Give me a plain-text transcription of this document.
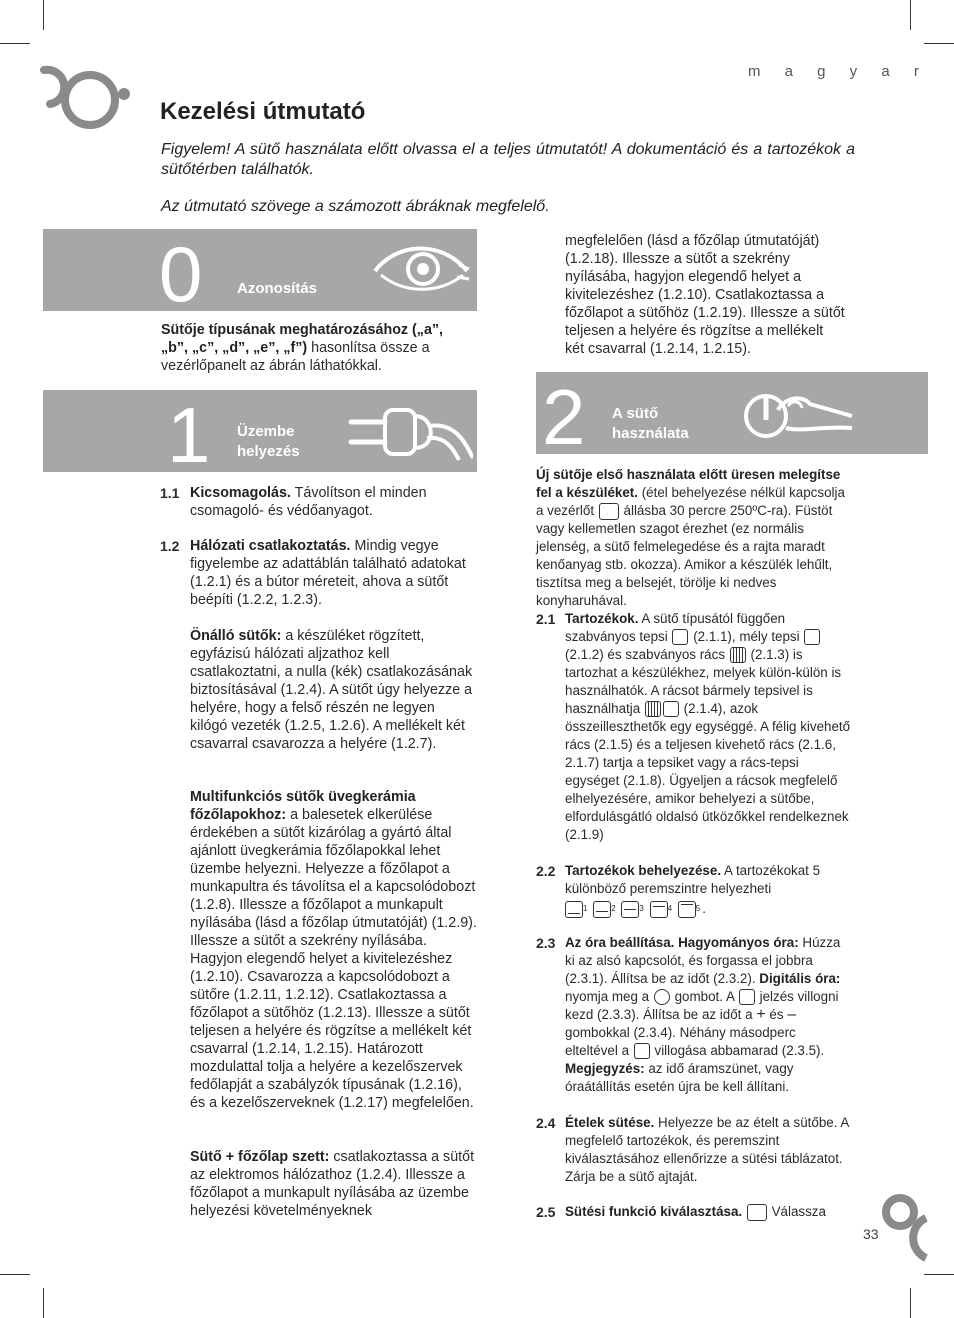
m a g y a r
Kezelési útmutató
Figyelem! A sütő használata előtt olvassa el a teljes útmutatót! A dokumentáció és a tartozékok a sütőtérben találhatók.
Az útmutató szövege a számozott ábráknak megfelelő.
0 Azonosítás
Sütője típusának meghatározásához („a”, „b”, „c”, „d”, „e”, „f”) hasonlítsa össze a vezérlőpanelt az ábrán láthatókkal.
1 Üzembe
helyezés
1.1 Kicsomagolás. Távolítson el minden csomagoló- és védőanyagot.
1.2 Hálózati csatlakoztatás. Mindig vegye figyelembe az adattáblán található adatokat (1.2.1) és a bútor méreteit, ahova a sütőt beépíti (1.2.2, 1.2.3).
Önálló sütők: a készüléket rögzített, egyfázisú hálózati aljzathoz kell csatlakoztatni, a nulla (kék) csatlakozásának biztosításával (1.2.4). A sütőt úgy helyezze a helyére, hogy a felső részén ne legyen kilógó vezeték (1.2.5, 1.2.6). A mellékelt két csavarral csavarozza a helyére (1.2.7).
Multifunkciós sütők üvegkerámia főzőlapokhoz: a balesetek elkerülése érdekében a sütőt kizárólag a gyártó által ajánlott üvegkerámia főzőlapokkal lehet üzembe helyezni. Helyezze a főzőlapot a munkapultra és távolítsa el a kapcsolódobozt (1.2.8). Illessze a főzőlapot a munkapult nyílásába (lásd a főzőlap útmutatóját) (1.2.9). Illessze a sütőt a szekrény nyílásába. Hagyjon elegendő helyet a kivitelezéshez (1.2.10). Csavarozza a kapcsolódobozt a sütőre (1.2.11, 1.2.12). Csatlakoztassa a főzőlapot a sütőhöz (1.2.13). Illessze a sütőt teljesen a helyére és rögzítse a mellékelt két csavarral (1.2.14, 1.2.15). Határozott mozdulattal tolja a helyére a kezelőszervek fedőlapját a szabályzók típusának (1.2.16), és a kezelőszerveknek (1.2.17) megfelelően.
Sütő + főzőlap szett: csatlakoztassa a sütőt az elektromos hálózathoz (1.2.4). Illessze a főzőlapot a munkapult nyílásába az üzembe helyezési követelményeknek
megfelelően (lásd a főzőlap útmutatóját) (1.2.18). Illessze a sütőt a szekrény nyílásába, hagyjon elegendő helyet a kivitelezéshez (1.2.10). Csatlakoztassa a főzőlapot a sütőhöz (1.2.19). Illessze a sütőt teljesen a helyére és rögzítse a mellékelt két csavarral (1.2.14, 1.2.15).
2 A sütő
használata
Új sütője első használata előtt üresen melegítse fel a készüléket. (étel behelyezése nélkül kapcsolja a vezérlőt állásba 30 percre 250ºC-ra). Füstöt vagy kellemetlen szagot érezhet (ez normális jelenség, a sütő felmelegedése és a rajta maradt kenőanyag stb. okozza). Amikor a készülék lehűlt, tisztítsa meg a belsejét, törölje ki nedves konyharuhával.
2.1 Tartozékok. A sütő típusától függően szabványos tepsi (2.1.1), mély tepsi  (2.1.2) és szabványos rács (2.1.3) is tartozhat a készülékhez, melyek külön-külön is használhatók. A rácsot bármely tepsivel is használhatja	(2.1.4), azok összeilleszthetők egy egységgé. A félig kivehető rács (2.1.5) és a teljesen kivehető rács (2.1.6, 2.1.7) tartja a tepsiket vagy a rács-tepsi egységet (2.1.8). Ügyeljen a rácsok megfelelő elhelyezésére, amikor behelyezi a sütőbe, elfordulásgátló oldalsó ütközőkkel rendelkeznek (2.1.9)
2.2 Tartozékok behelyezése. A tartozékokat 5 különböző peremszintre helyezheti
1	2	3	4	5 .
2.3 Az óra beállítása. Hagyományos óra: Húzza ki az alsó kapcsolót, és forgassa el jobbra (2.3.1). Állítsa be az időt (2.3.2). Digitális óra: nyomja meg a gombot. A jelzés villogni kezd (2.3.3). Állítsa be az időt a + és – gombokkal (2.3.4). Néhány másodperc elteltével a villogása abbamarad (2.3.5). Megjegyzés: az idő áramszünet, vagy óraátállítás esetén újra be kell állítani.
2.4 Ételek sütése. Helyezze be az ételt a sütőbe. A megfelelő tartozékok, és peremszint kiválasztásához ellenőrizze a sütési táblázatot. Zárja be a sütő ajtaját.
2.5 Sütési funkció kiválasztása. Válassza
33
